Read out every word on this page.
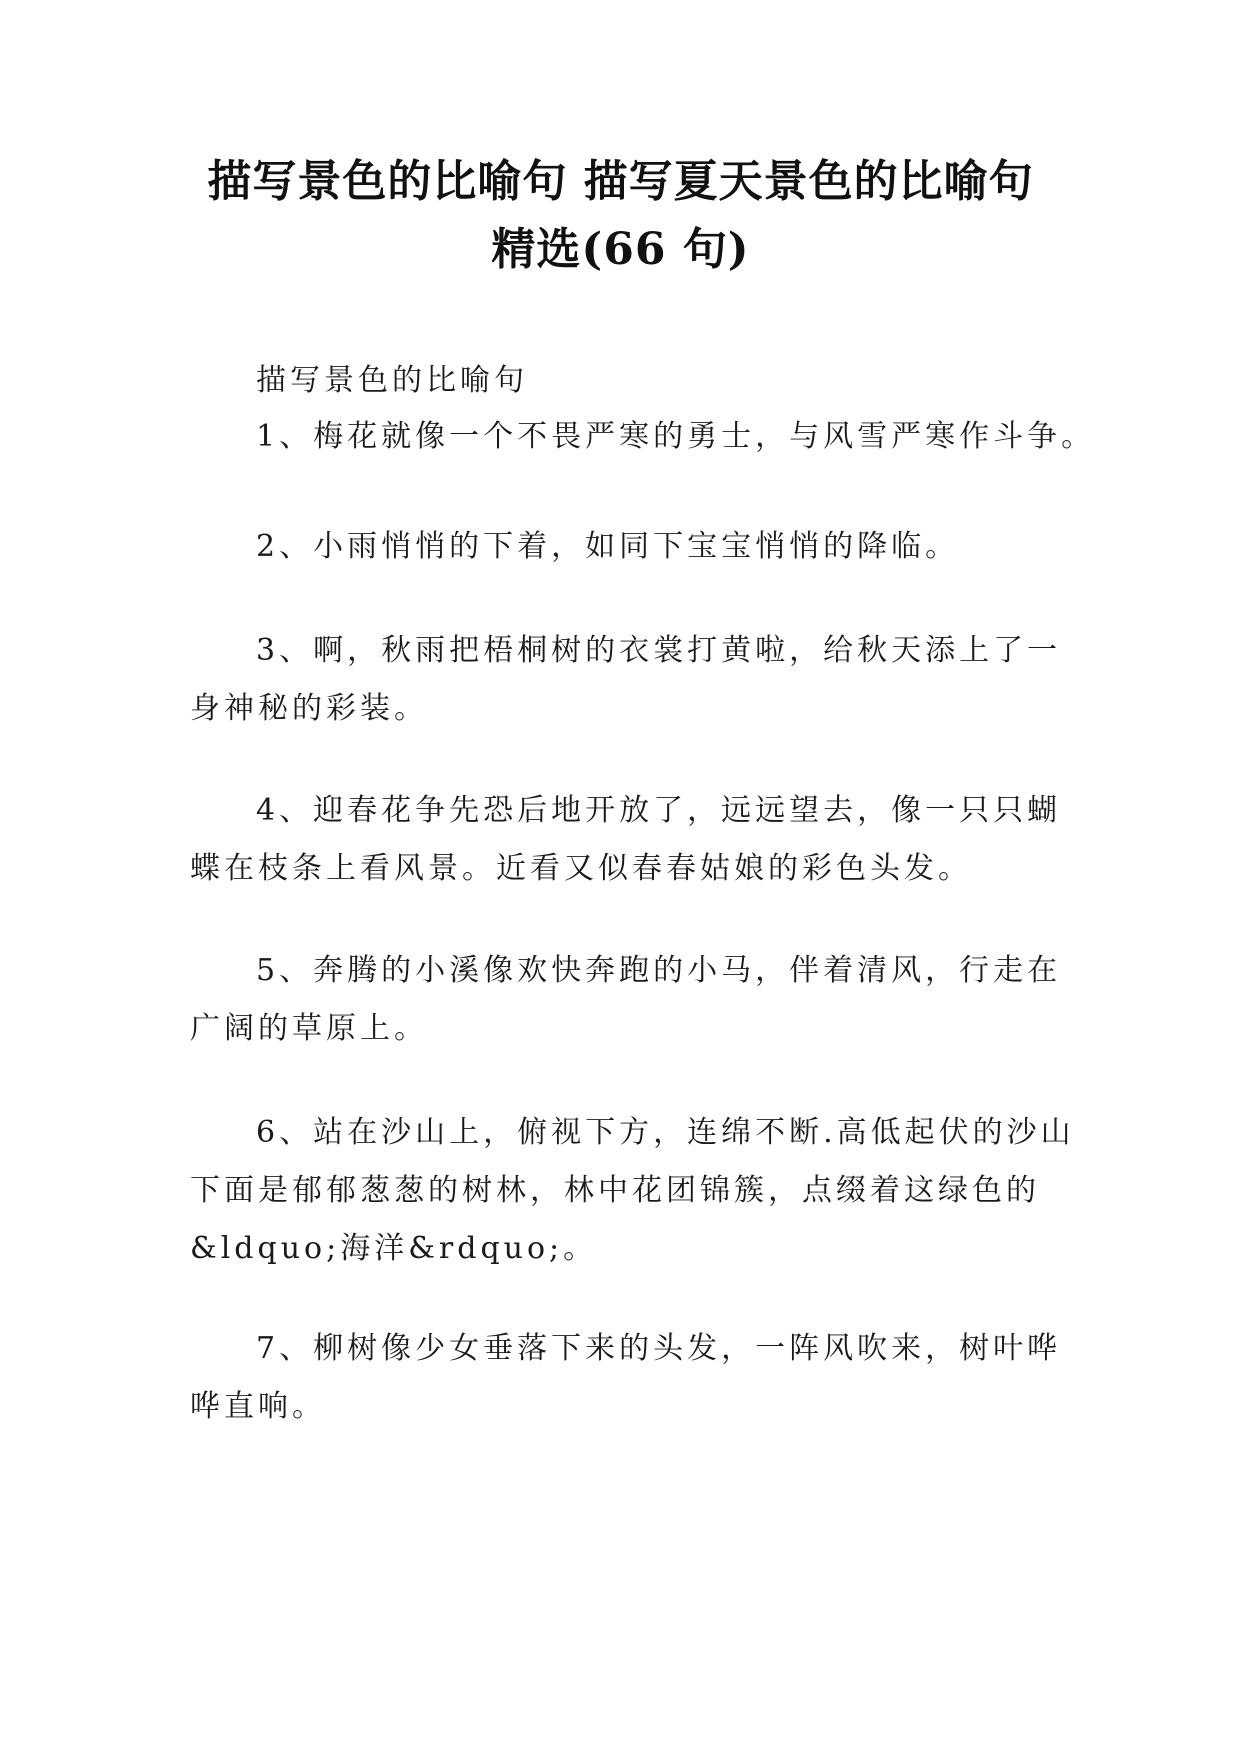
描写景色的比喻句 描写夏天景色的比喻句
精选(66 句)

描写景色的比喻句

1、梅花就像一个不畏严寒的勇士，与风雪严寒作斗争。

2、小雨悄悄的下着，如同下宝宝悄悄的降临。

3、啊，秋雨把梧桐树的衣裳打黄啦，给秋天添上了一
身神秘的彩装。

4、迎春花争先恐后地开放了，远远望去，像一只只蝴
蝶在枝条上看风景。近看又似春春姑娘的彩色头发。

5、奔腾的小溪像欢快奔跑的小马，伴着清风，行走在
广阔的草原上。

6、站在沙山上，俯视下方，连绵不断.高低起伏的沙山
下面是郁郁葱葱的树林，林中花团锦簇，点缀着这绿色的
&ldquo;海洋&rdquo;。

7、柳树像少女垂落下来的头发，一阵风吹来，树叶哗
哗直响。
